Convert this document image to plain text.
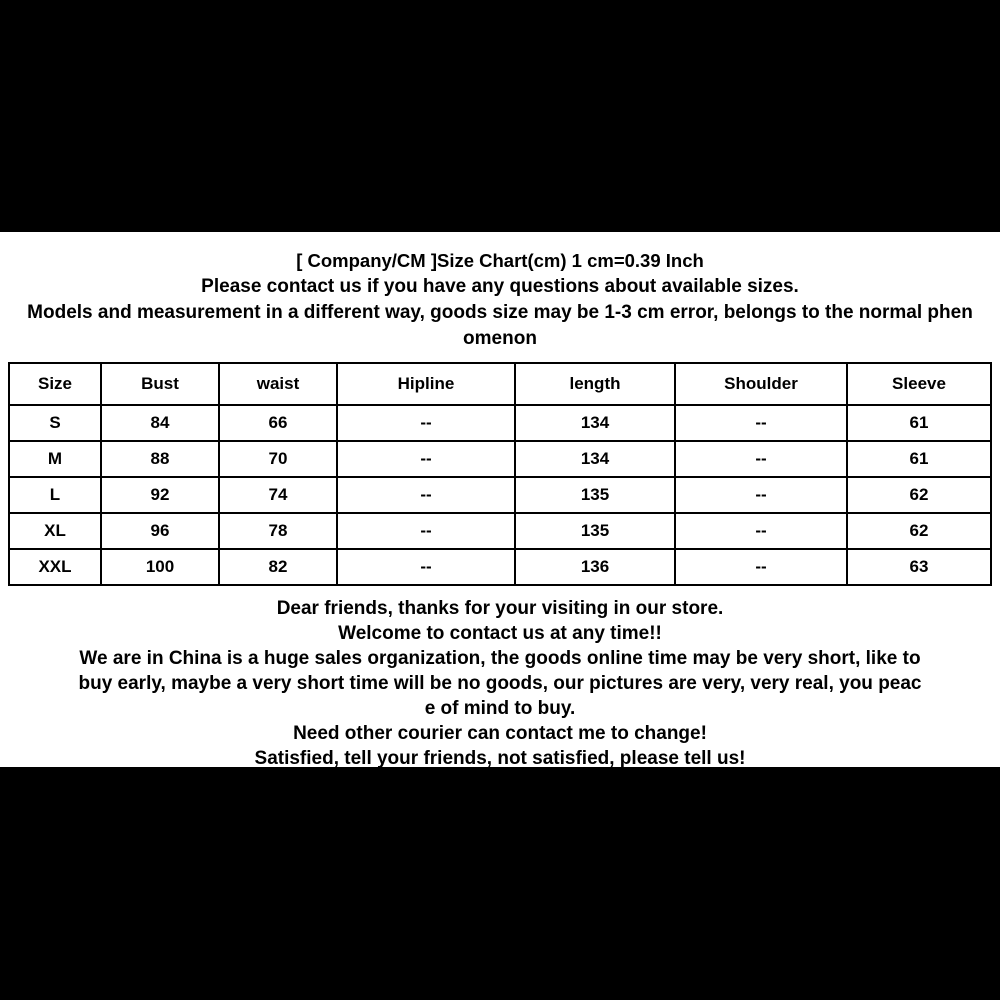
[ Company/CM ]Size Chart(cm) 1 cm=0.39 Inch

Please contact us if you have any questions about available sizes.

Models and measurement in a different way, goods size may be 1-3 cm error, belongs to the normal phen

omenon

Size	Bust	waist	Hipline	length	Shoulder	Sleeve
S	84	66	--	134	--	61
M	88	70	--	134	--	61
L	92	74	--	135	--	62
XL	96	78	--	135	--	62
XXL	100	82	--	136	--	63

Dear friends, thanks for your visiting in our store.

Welcome to contact us at any time!!

We are in China is a huge sales organization, the goods online time may be very short, like to

buy early, maybe a very short time will be no goods, our pictures are very, very real, you peac

e of mind to buy.

Need other courier can contact me to change!

Satisfied, tell your friends, not satisfied, please tell us!
